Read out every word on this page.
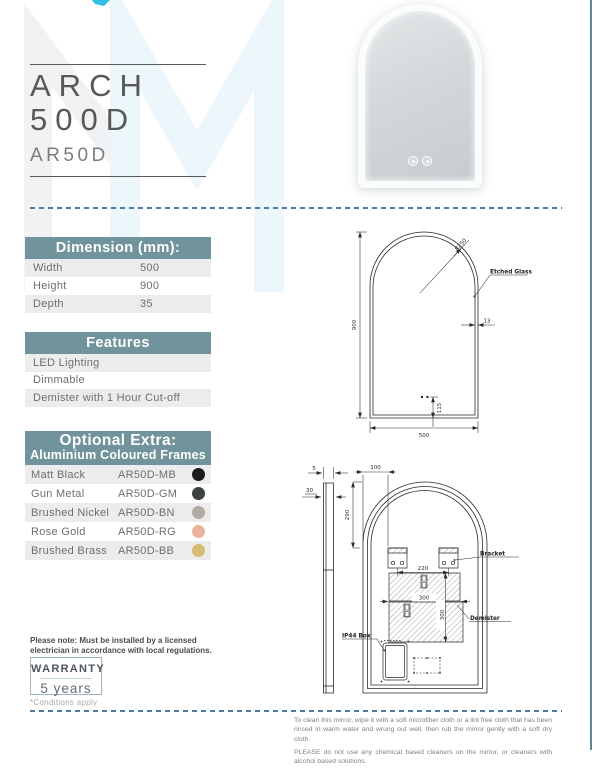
ARCH
500D
AR50D
Dimension (mm):
Width	500
Height	900
Depth	35
Features
LED Lighting
Dimmable
Demister with 1 Hour Cut-off
Optional Extra:
Aluminium Coloured Frames
Matt Black	AR50D-MB
Gun Metal	AR50D-GM
Brushed Nickel AR50D-BN
Rose Gold	AR50D-RG
Brushed Brass AR50D-BB
Please note: Must be installed by a licensed electrician in accordance with local regulations.
WARRANTY
5 years
*Conditions apply

To clean this mirror, wipe it with a soft microfiber cloth or a lint free cloth that has been rinsed in warm water and wrung out well, then rub the mirror gently with a soft dry cloth.

PLEASE do not use any chemical based cleaners on the mirror, or cleaners with alcohol based solutions.

900
500
R250
Etched Glass
13
115
5
30
100
290
220
300
300
Bracket
Demister
IP44 Box
